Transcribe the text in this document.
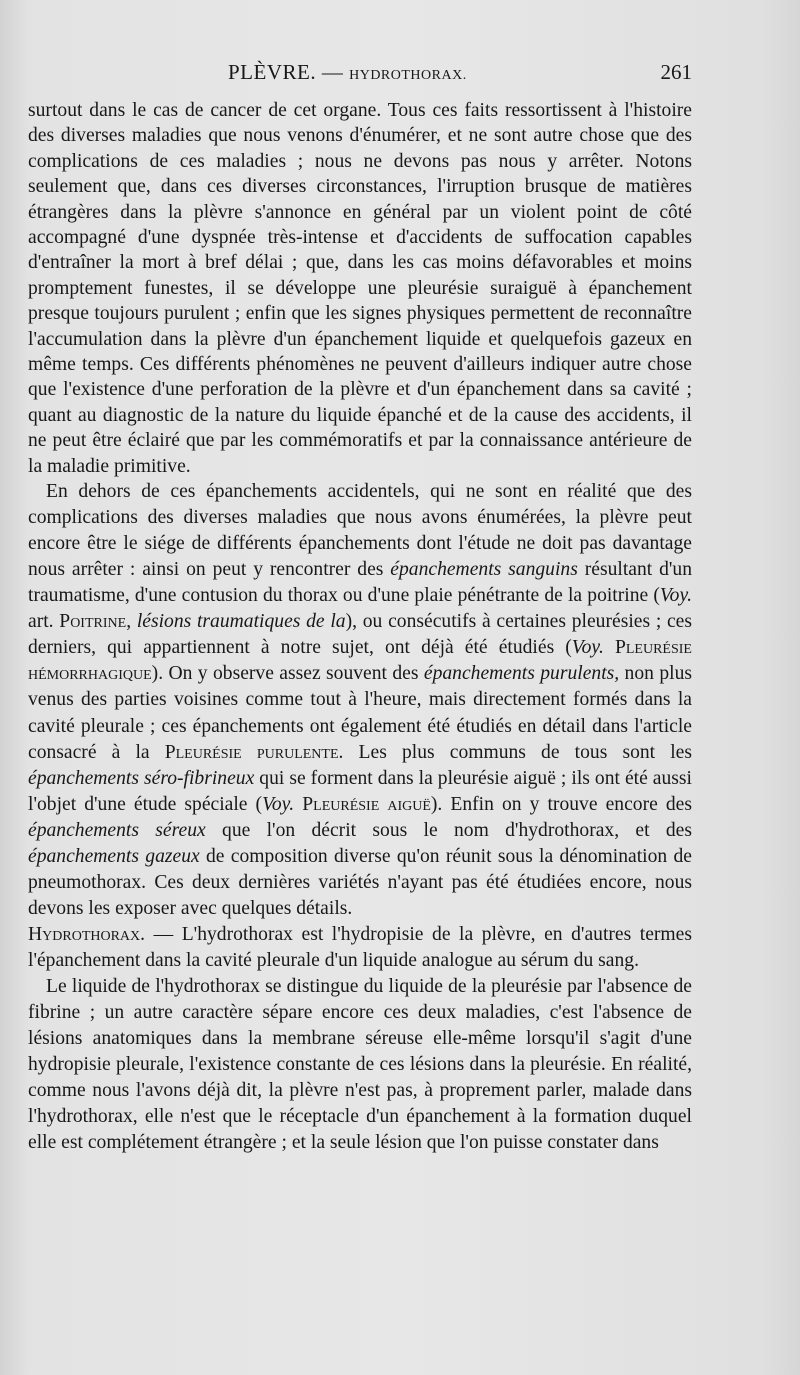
PLÈVRE. — HYDROTHORAX.	261

surtout dans le cas de cancer de cet organe. Tous ces faits ressortissent à l'histoire des diverses maladies que nous venons d'énumérer, et ne sont autre chose que des complications de ces maladies ; nous ne devons pas nous y arrêter. Notons seulement que, dans ces diverses circonstances, l'irruption brusque de matières étrangères dans la plèvre s'annonce en général par un violent point de côté accompagné d'une dyspnée très-intense et d'accidents de suffocation capables d'entraîner la mort à bref délai ; que, dans les cas moins défavorables et moins promptement funestes, il se développe une pleurésie suraiguë à épanchement presque toujours purulent ; enfin que les signes physiques permettent de reconnaître l'accumulation dans la plèvre d'un épanchement liquide et quelquefois gazeux en même temps. Ces différents phénomènes ne peuvent d'ailleurs indiquer autre chose que l'existence d'une perforation de la plèvre et d'un épanchement dans sa cavité ; quant au diagnostic de la nature du liquide épanché et de la cause des accidents, il ne peut être éclairé que par les commémoratifs et par la connaissance antérieure de la maladie primitive.

En dehors de ces épanchements accidentels, qui ne sont en réalité que des complications des diverses maladies que nous avons énumérées, la plèvre peut encore être le siége de différents épanchements dont l'étude ne doit pas davantage nous arrêter : ainsi on peut y rencontrer des épanchements sanguins résultant d'un traumatisme, d'une contusion du thorax ou d'une plaie pénétrante de la poitrine (Voy. art. Poitrine, lésions traumatiques de la), ou consécutifs à certaines pleurésies ; ces derniers, qui appartiennent à notre sujet, ont déjà été étudiés (Voy. Pleurésie hémorrhagique). On y observe assez souvent des épanchements purulents, non plus venus des parties voisines comme tout à l'heure, mais directement formés dans la cavité pleurale ; ces épanchements ont également été étudiés en détail dans l'article consacré à la Pleurésie purulente. Les plus communs de tous sont les épanchements séro-fibrineux qui se forment dans la pleurésie aiguë ; ils ont été aussi l'objet d'une étude spéciale (Voy. Pleurésie aiguë). Enfin on y trouve encore des épanchements séreux que l'on décrit sous le nom d'hydrothorax, et des épanchements gazeux de composition diverse qu'on réunit sous la dénomination de pneumothorax. Ces deux dernières variétés n'ayant pas été étudiées encore, nous devons les exposer avec quelques détails.

Hydrothorax. — L'hydrothorax est l'hydropisie de la plèvre, en d'autres termes l'épanchement dans la cavité pleurale d'un liquide analogue au sérum du sang.

Le liquide de l'hydrothorax se distingue du liquide de la pleurésie par l'absence de fibrine ; un autre caractère sépare encore ces deux maladies, c'est l'absence de lésions anatomiques dans la membrane séreuse elle-même lorsqu'il s'agit d'une hydropisie pleurale, l'existence constante de ces lésions dans la pleurésie. En réalité, comme nous l'avons déjà dit, la plèvre n'est pas, à proprement parler, malade dans l'hydrothorax, elle n'est que le réceptacle d'un épanchement à la formation duquel elle est complétement étrangère ; et la seule lésion que l'on puisse constater dans
